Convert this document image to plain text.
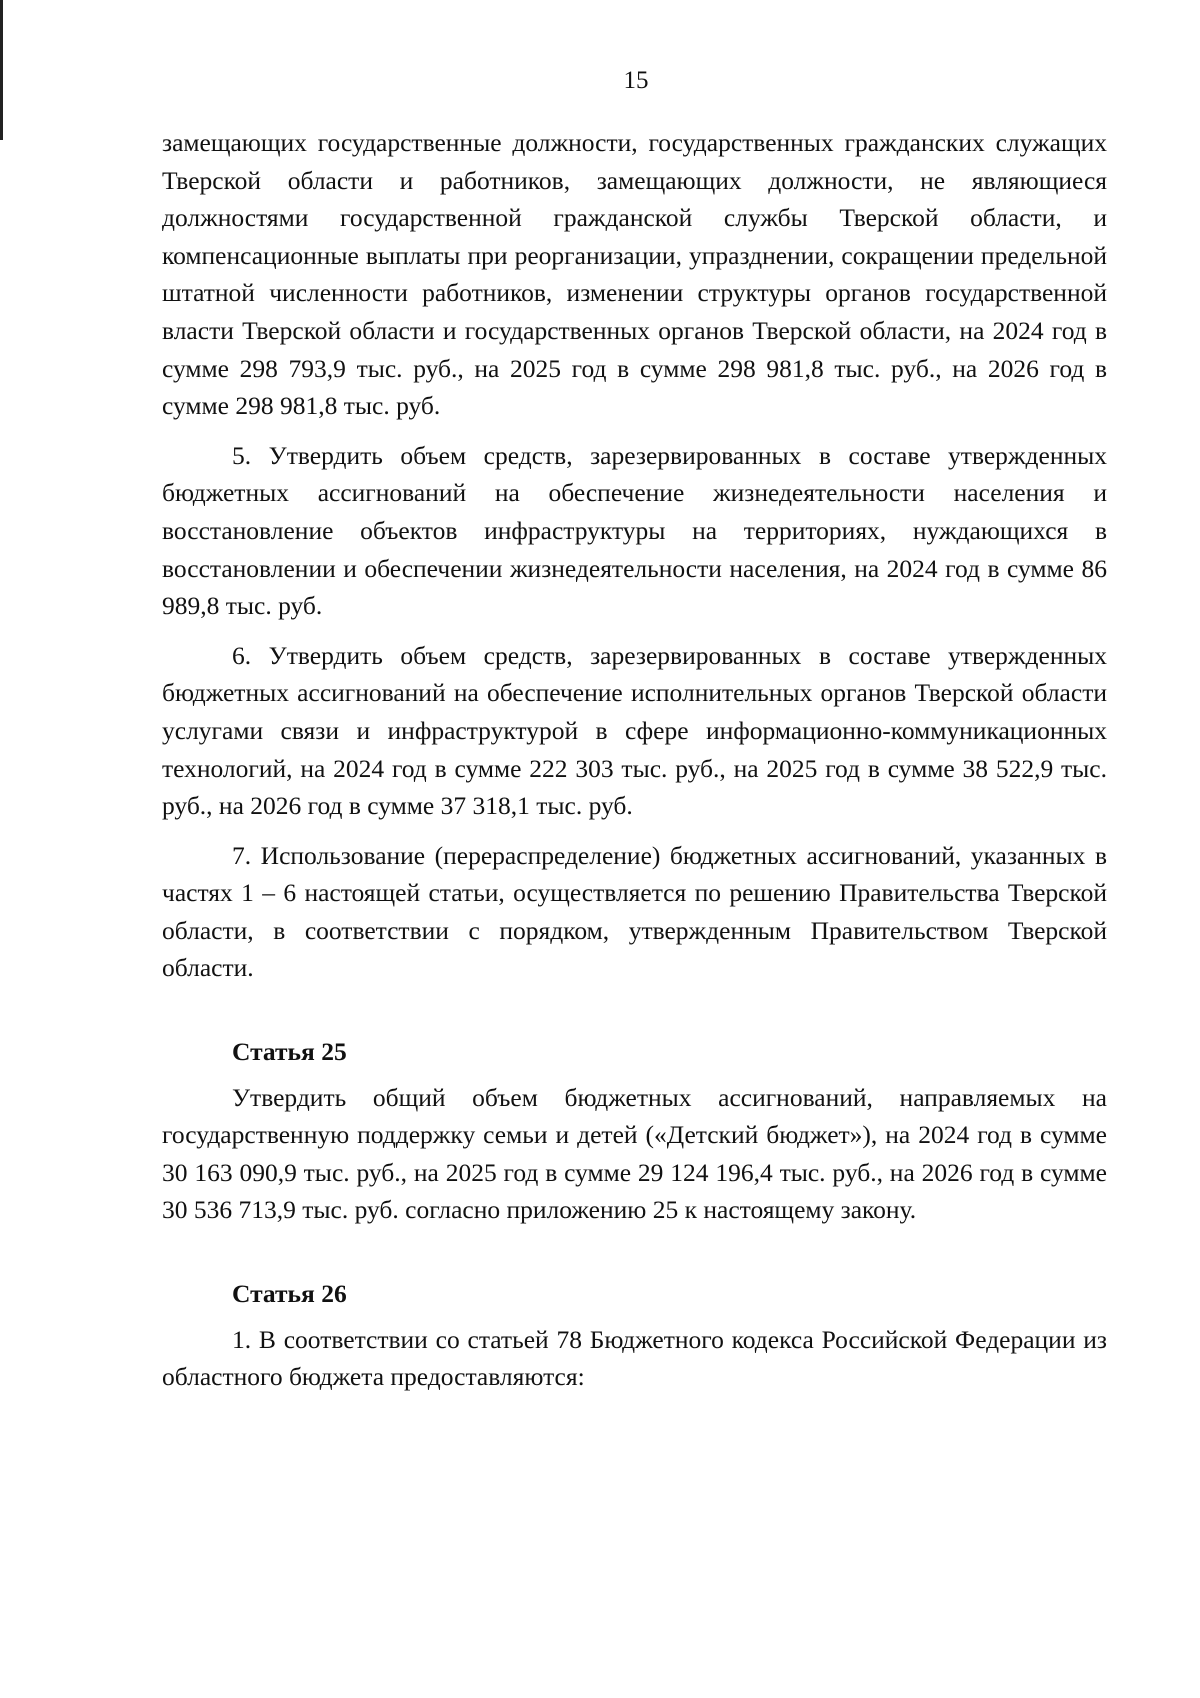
15

замещающих государственные должности, государственных гражданских служащих Тверской области и работников, замещающих должности, не являющиеся должностями государственной гражданской службы Тверской области, и компенсационные выплаты при реорганизации, упразднении, сокращении предельной штатной численности работников, изменении структуры органов государственной власти Тверской области и государственных органов Тверской области, на 2024 год в сумме 298 793,9 тыс. руб., на 2025 год в сумме 298 981,8 тыс. руб., на 2026 год в сумме 298 981,8 тыс. руб.

5. Утвердить объем средств, зарезервированных в составе утвержденных бюджетных ассигнований на обеспечение жизнедеятельности населения и восстановление объектов инфраструктуры на территориях, нуждающихся в восстановлении и обеспечении жизнедеятельности населения, на 2024 год в сумме 86 989,8 тыс. руб.

6. Утвердить объем средств, зарезервированных в составе утвержденных бюджетных ассигнований на обеспечение исполнительных органов Тверской области услугами связи и инфраструктурой в сфере информационно-коммуникационных технологий, на 2024 год в сумме 222 303 тыс. руб., на 2025 год в сумме 38 522,9 тыс. руб., на 2026 год в сумме 37 318,1 тыс. руб.

7. Использование (перераспределение) бюджетных ассигнований, указанных в частях 1 – 6 настоящей статьи, осуществляется по решению Правительства Тверской области, в соответствии с порядком, утвержденным Правительством Тверской области.

Статья 25

Утвердить общий объем бюджетных ассигнований, направляемых на государственную поддержку семьи и детей («Детский бюджет»), на 2024 год в сумме 30 163 090,9 тыс. руб., на 2025 год в сумме 29 124 196,4 тыс. руб., на 2026 год в сумме 30 536 713,9 тыс. руб. согласно приложению 25 к настоящему закону.

Статья 26

1. В соответствии со статьей 78 Бюджетного кодекса Российской Федерации из областного бюджета предоставляются:
